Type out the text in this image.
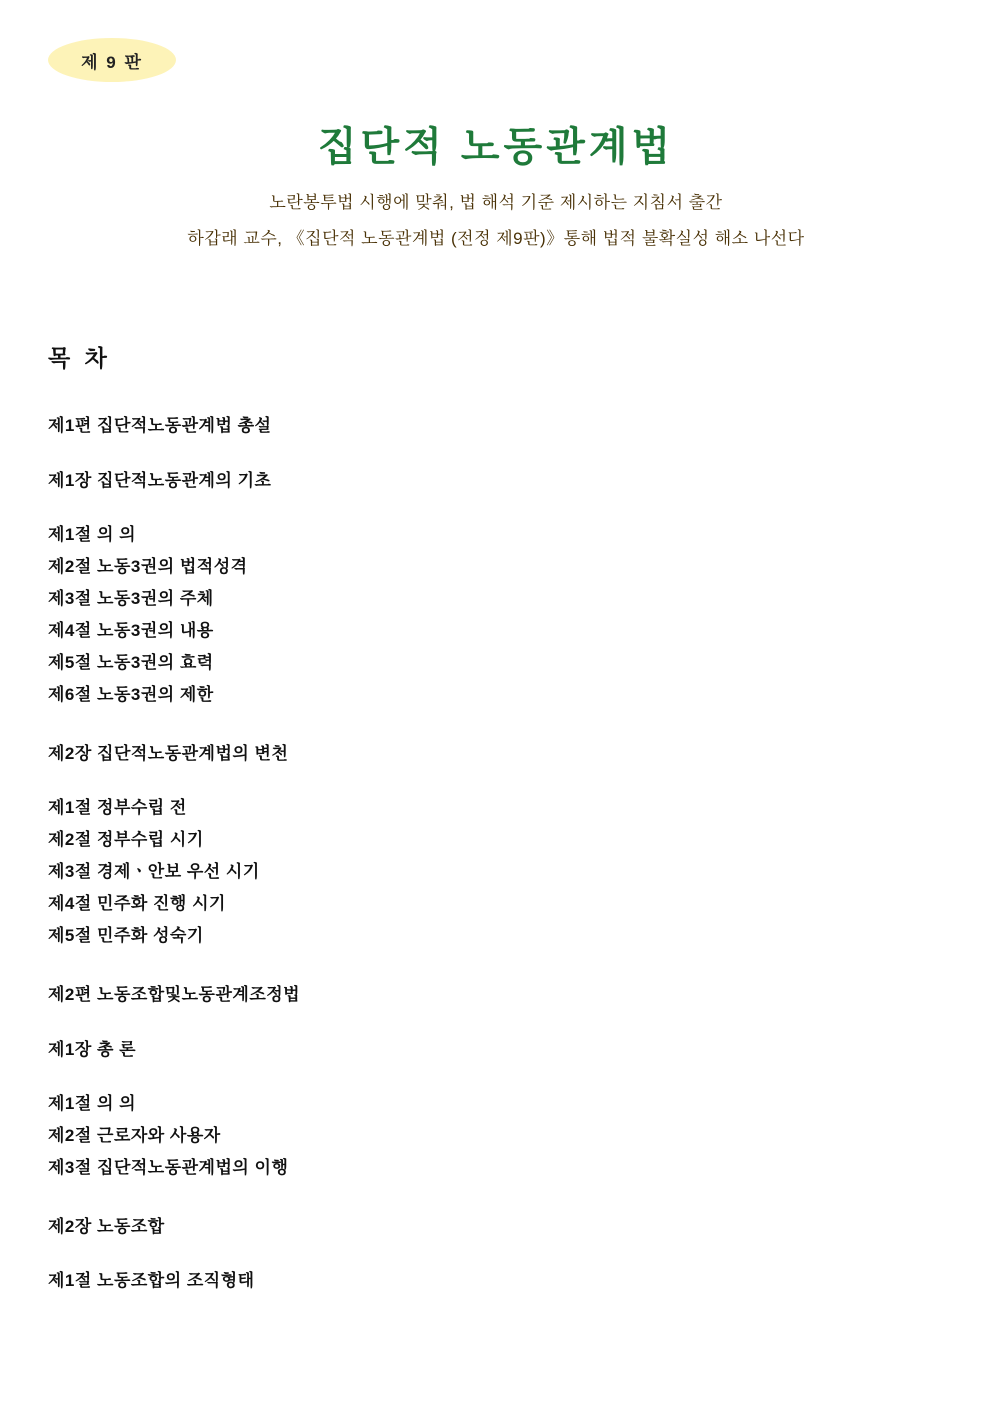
제 9 판
집단적 노동관계법
노란봉투법 시행에 맞춰, 법 해석 기준 제시하는 지침서 출간
하갑래 교수, 《집단적 노동관계법 (전정 제9판)》통해 법적 불확실성 해소 나선다
목 차
제1편 집단적노동관계법 총설
제1장 집단적노동관계의 기초
제1절 의 의
제2절 노동3권의 법적성격
제3절 노동3권의 주체
제4절 노동3권의 내용
제5절 노동3권의 효력
제6절 노동3권의 제한
제2장 집단적노동관계법의 변천
제1절 정부수립 전
제2절 정부수립 시기
제3절 경제ㆍ안보 우선 시기
제4절 민주화 진행 시기
제5절 민주화 성숙기
제2편 노동조합및노동관계조정법
제1장 총 론
제1절 의 의
제2절 근로자와 사용자
제3절 집단적노동관계법의 이행
제2장 노동조합
제1절 노동조합의 조직형태
